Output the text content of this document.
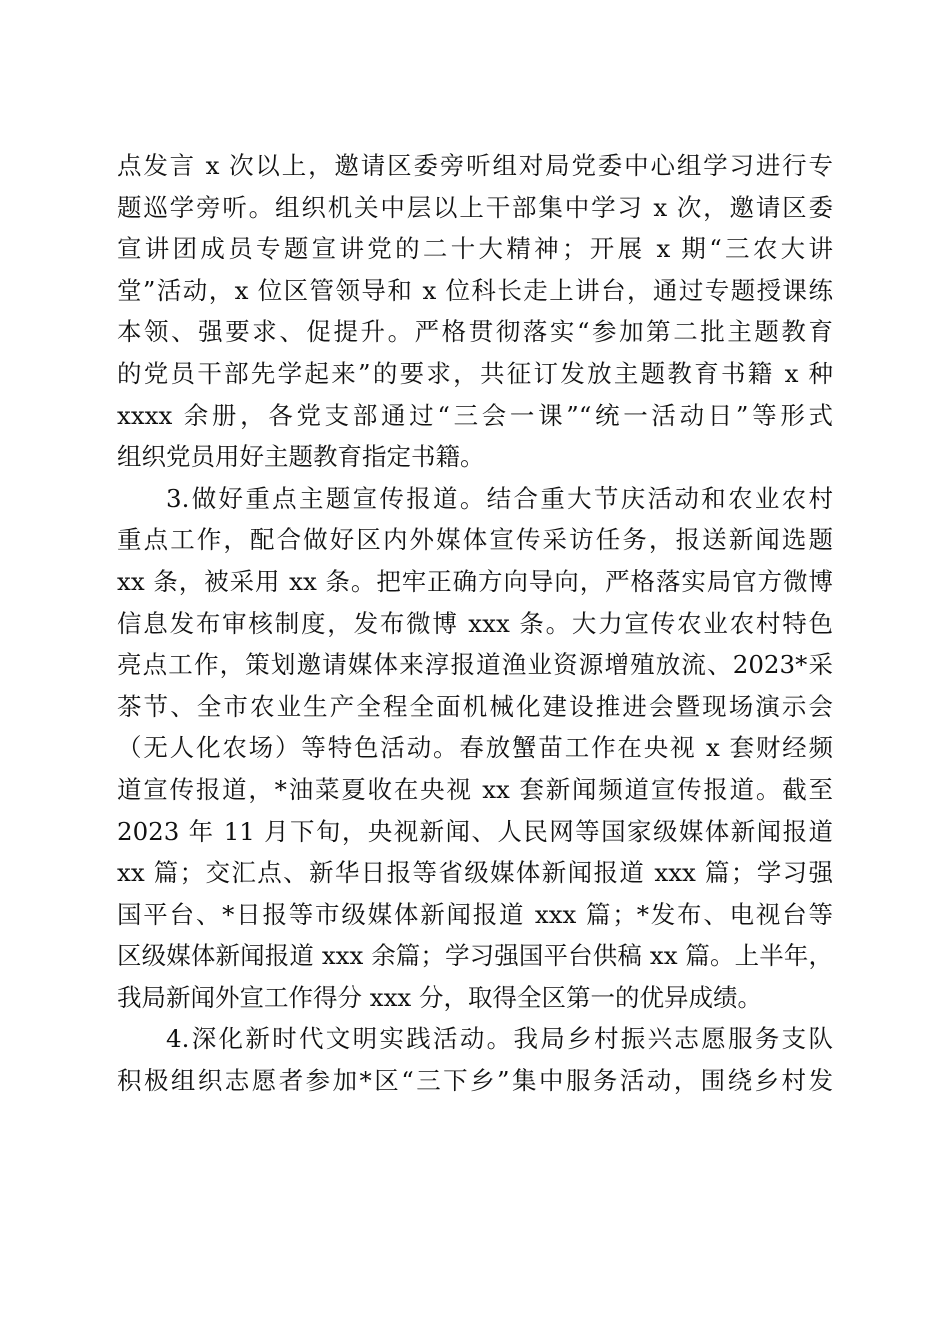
点发言 x 次以上，邀请区委旁听组对局党委中心组学习进行专
题巡学旁听。组织机关中层以上干部集中学习 x 次，邀请区委
宣讲团成员专题宣讲党的二十大精神；开展 x 期“三农大讲
堂”活动，x 位区管领导和 x 位科长走上讲台，通过专题授课练
本领、强要求、促提升。严格贯彻落实“参加第二批主题教育
的党员干部先学起来”的要求，共征订发放主题教育书籍 x 种
xxxx 余册，各党支部通过“三会一课”“统一活动日”等形式
组织党员用好主题教育指定书籍。
3.做好重点主题宣传报道。结合重大节庆活动和农业农村
重点工作，配合做好区内外媒体宣传采访任务，报送新闻选题
xx 条，被采用 xx 条。把牢正确方向导向，严格落实局官方微博
信息发布审核制度，发布微博 xxx 条。大力宣传农业农村特色
亮点工作，策划邀请媒体来淳报道渔业资源增殖放流、2023*采
茶节、全市农业生产全程全面机械化建设推进会暨现场演示会
（无人化农场）等特色活动。春放蟹苗工作在央视 x 套财经频
道宣传报道，*油菜夏收在央视 xx 套新闻频道宣传报道。截至
2023 年 11 月下旬，央视新闻、人民网等国家级媒体新闻报道
xx 篇；交汇点、新华日报等省级媒体新闻报道 xxx 篇；学习强
国平台、*日报等市级媒体新闻报道 xxx 篇；*发布、电视台等
区级媒体新闻报道 xxx 余篇；学习强国平台供稿 xx 篇。上半年，
我局新闻外宣工作得分 xxx 分，取得全区第一的优异成绩。
4.深化新时代文明实践活动。我局乡村振兴志愿服务支队
积极组织志愿者参加*区“三下乡”集中服务活动，围绕乡村发
